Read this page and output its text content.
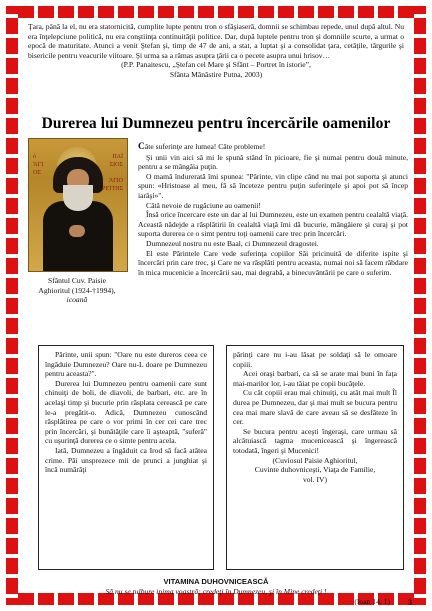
Ţara, până la el, nu era statornicită, cumplite lupte pentru tron o sfâşiaseră, domnii se schimbau repede, unul după altul. Nu era înţelepciune politică, nu era conştiinţa continuităţii politice. Dar, după luptele pentru tron şi domniile scurte, a urmat o epocă de maturitate. Atunci a venit Ştefan şi, timp de 47 de ani, a stat, a luptat şi a consolidat ţara, cetăţile, târgurile şi bisericile pentru veacurile viitoare. Şi urma sa a rămas asupra ţării ca o pecete asupra unui hrisov…
(P.P. Panaitescu, „Ştefan cel Mare şi Sfânt – Portret în istorie”,
Sfânta Mănăstire Putna, 2003)
Durerea lui Dumnezeu pentru încercările oamenilor
ὁ
ἍΓΙ
ΟΣ
ΠΑΪ
ΣΙΟΣ

ἈΓΙΟ
ΡΕΊΤΗΣ
Sfântul Cuv. Paisie
Aghioritul (1924-†1994),
icoană

Câte suferinţe are lumea! Câte probleme!

Şi unii vin aici să mi le spună stând în picioare, fie şi numai pentru două minute, pentru a se mângâia puţin.

O mamă îndurerată îmi spunea: "Părinte, vin clipe când nu mai pot suporta şi atunci spun: «Hristoase al meu, fă să înceteze pentru puţin suferinţele şi apoi pot să încep iarăşi»".

Câtă nevoie de rugăciune au oamenii!

Însă orice încercare este un dar al lui Dumnezeu, este un examen pentru cealaltă viaţă. Această nădejde a răsplătirii în cealaltă viaţă îmi dă bucurie, mângâiere şi curaj şi pot suporta durerea ce o simt pentru toţi oamenii care trec prin încercări.

Dumnezeul nostru nu este Baal, ci Dumnezeul dragostei.

El este Părintele Care vede suferinţa copiilor Săi pricinuită de diferite ispite şi încercări prin care trec, şi Care ne va răsplăti pentru aceasta, numai noi să facem răbdare în mica mucenicie a încercării sau, mai degrabă, a binecuvântării pe care o suferim.

Părinte, unii spun: "Oare nu este dureros ceea ce îngăduie Dumnezeu? Oare nu-L doare pe Dumnezeu pentru aceasta?".

Durerea lui Dumnezeu pentru oamenii care sunt chinuiţi de boli, de diavoli, de barbari, etc. are în acelaşi timp şi bucurie prin răsplata cerească pe care le-a pregătit-o. Adică, Dumnezeu cunoscând răsplătirea pe care o vor primi în cer cei care trec prin încercări, şi bunătăţile care îi aşteaptă, "suferă" cu uşurinţă durerea ce o simte pentru acela.

Iată, Dumnezeu a îngăduit ca Irod să facă atâtea crime. Păi unsprezece mii de prunci a junghiat şi încă numărăţi

părinţi care nu i-au lăsat pe soldaţi să le omoare copiii.

Acei oraşi barbari, ca să se arate mai buni în faţa mai-marilor lor, i-au tăiat pe copii bucăţele.

Cu cât copiii erau mai chinuiţi, cu atât mai mult Îl durea pe Dumnezeu, dar şi mai mult se bucura pentru cea mai mare slavă de care aveau să se desfăteze în cer.

Se bucura pentru aceşti îngeraşi, care urmau să alcătuiască tagma mucenicească şi îngerească totodată, îngeri şi Mucenici!

(Cuviosul Paisie Aghioritul,

Cuvinte duhovniceşti, Viaţa de Familie,

vol. IV)

VITAMINA DUHOVNICEASCĂ
Să nu se tulbure inima voastră; credeţi în Dumnezeu, şi în Mine credeţi !
(Ioan 14, 1) 3
